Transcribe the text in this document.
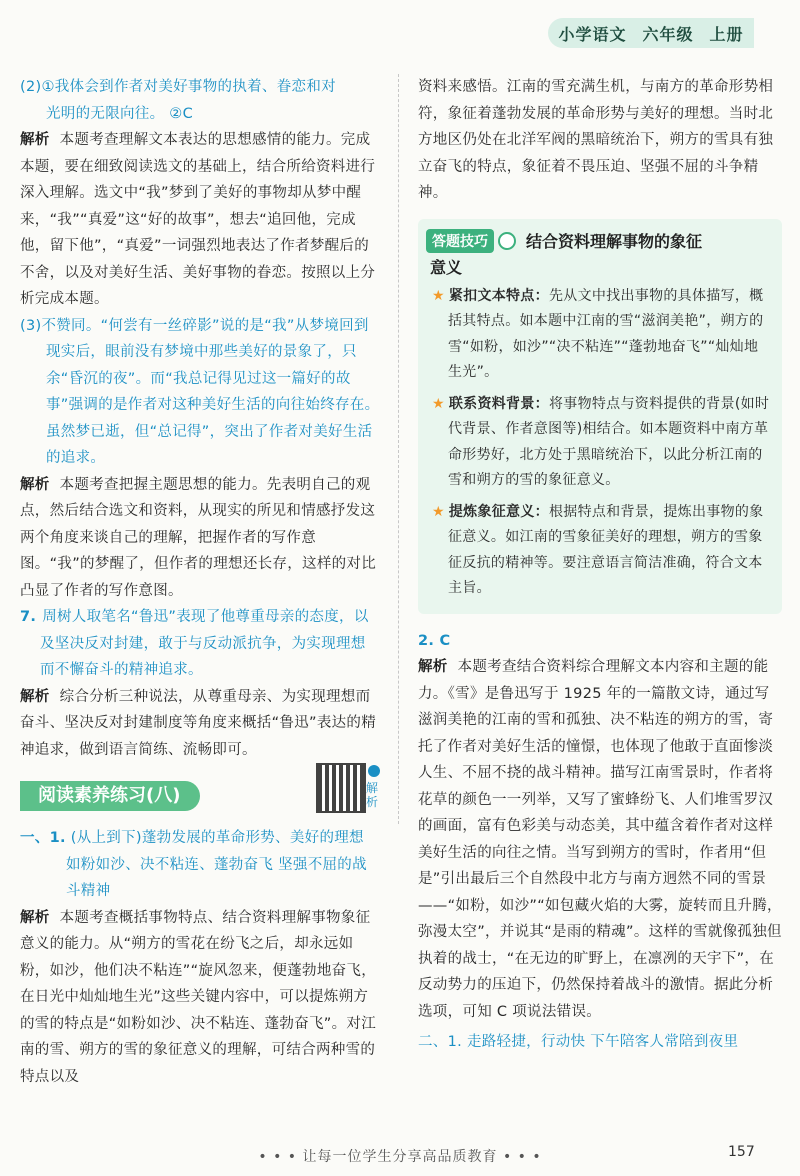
小学语文 六年级 上册

(2)①我体会到作者对美好事物的执着、眷恋和对

光明的无限向往。 ②C

解析 本题考查理解文本表达的思想感情的能力。完成本题，要在细致阅读选文的基础上，结合所给资料进行深入理解。选文中“我”梦到了美好的事物却从梦中醒来，“我”“真爱”这“好的故事”，想去“追回他，完成他，留下他”，“真爱”一词强烈地表达了作者梦醒后的不舍，以及对美好生活、美好事物的眷恋。按照以上分析完成本题。

(3)不赞同。“何尝有一丝碎影”说的是“我”从梦境回到现实后，眼前没有梦境中那些美好的景象了，只余“昏沉的夜”。而“我总记得见过这一篇好的故事”强调的是作者对这种美好生活的向往始终存在。虽然梦已逝，但“总记得”，突出了作者对美好生活的追求。

解析 本题考查把握主题思想的能力。先表明自己的观点，然后结合选文和资料，从现实的所见和情感抒发这两个角度来谈自己的理解，把握作者的写作意图。“我”的梦醒了，但作者的理想还长存，这样的对比凸显了作者的写作意图。

7. 周树人取笔名“鲁迅”表现了他尊重母亲的态度，以及坚决反对封建，敢于与反动派抗争，为实现理想而不懈奋斗的精神追求。

解析 综合分析三种说法，从尊重母亲、为实现理想而奋斗、坚决反对封建制度等角度来概括“鲁迅”表达的精神追求，做到语言简练、流畅即可。

阅读素养练习(八)	解析

一、1. (从上到下)蓬勃发展的革命形势、美好的理想 如粉如沙、决不粘连、蓬勃奋飞 坚强不屈的战斗精神

解析 本题考查概括事物特点、结合资料理解事物象征意义的能力。从“朔方的雪花在纷飞之后，却永远如粉，如沙，他们决不粘连”“旋风忽来，便蓬勃地奋飞，在日光中灿灿地生光”这些关键内容中，可以提炼朔方的雪的特点是“如粉如沙、决不粘连、蓬勃奋飞”。对江南的雪、朔方的雪的象征意义的理解，可结合两种雪的特点以及

资料来感悟。江南的雪充满生机，与南方的革命形势相符，象征着蓬勃发展的革命形势与美好的理想。当时北方地区仍处在北洋军阀的黑暗统治下，朔方的雪具有独立奋飞的特点，象征着不畏压迫、坚强不屈的斗争精神。

答题技巧	结合资料理解事物的象征
意义

★ 紧扣文本特点：先从文中找出事物的具体描写，概括其特点。如本题中江南的雪“滋润美艳”，朔方的雪“如粉，如沙”“决不粘连”“蓬勃地奋飞”“灿灿地生光”。

★ 联系资料背景：将事物特点与资料提供的背景(如时代背景、作者意图等)相结合。如本题资料中南方革命形势好，北方处于黑暗统治下，以此分析江南的雪和朔方的雪的象征意义。

★ 提炼象征意义：根据特点和背景，提炼出事物的象征意义。如江南的雪象征美好的理想，朔方的雪象征反抗的精神等。要注意语言简洁准确，符合文本主旨。

2. C

解析 本题考查结合资料综合理解文本内容和主题的能力。《雪》是鲁迅写于 1925 年的一篇散文诗，通过写滋润美艳的江南的雪和孤独、决不粘连的朔方的雪，寄托了作者对美好生活的憧憬，也体现了他敢于直面惨淡人生、不屈不挠的战斗精神。描写江南雪景时，作者将花草的颜色一一列举，又写了蜜蜂纷飞、人们堆雪罗汉的画面，富有色彩美与动态美，其中蕴含着作者对这样美好生活的向往之情。当写到朔方的雪时，作者用“但是”引出最后三个自然段中北方与南方迥然不同的雪景——“如粉，如沙”“如包藏火焰的大雾，旋转而且升腾，弥漫太空”，并说其“是雨的精魂”。这样的雪就像孤独但执着的战士，“在无边的旷野上，在凛冽的天宇下”，在反动势力的压迫下，仍然保持着战斗的激情。据此分析选项，可知 C 项说法错误。

二、1. 走路轻捷，行动快 下午陪客人常陪到夜里

• • • 让每一位学生分享高品质教育 • • •	157
